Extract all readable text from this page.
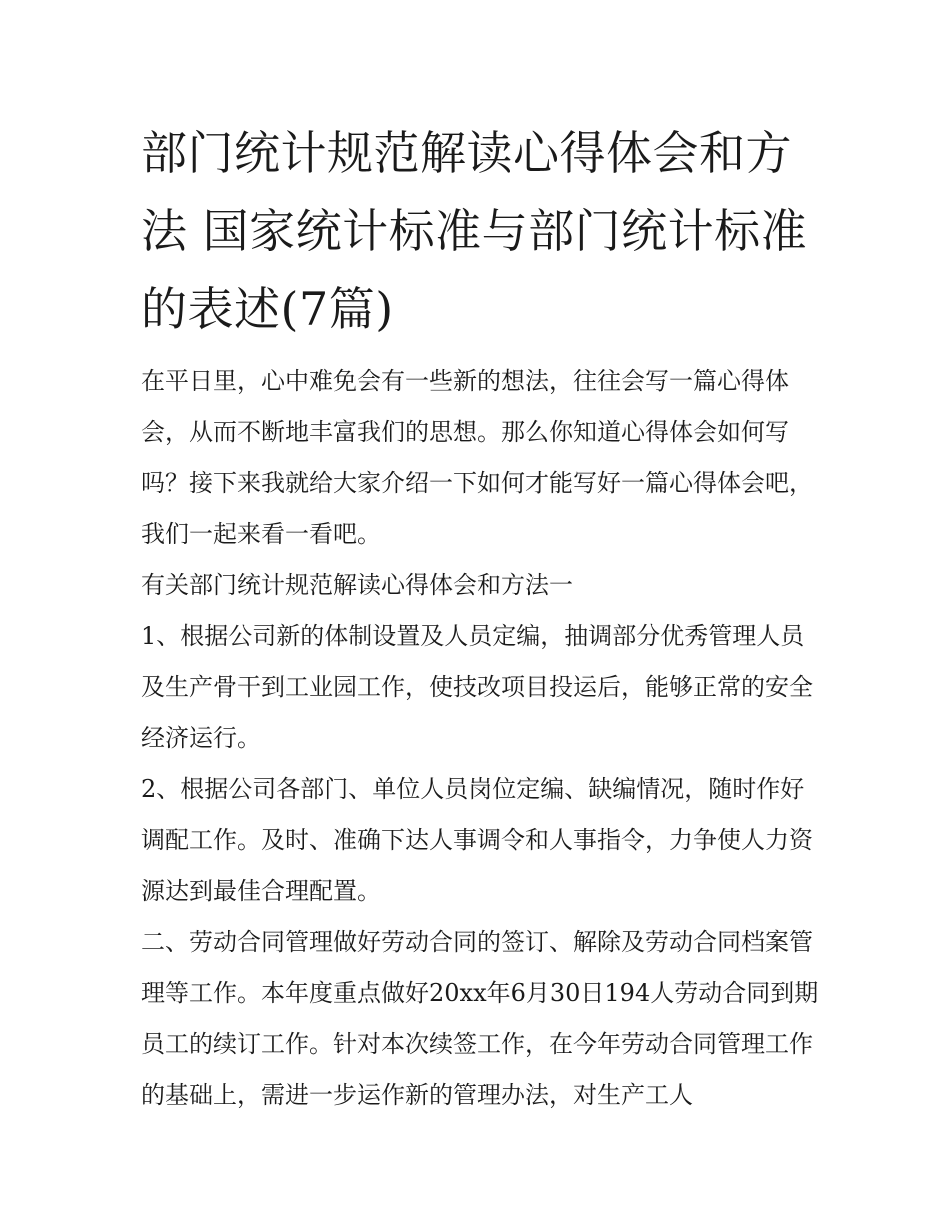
部门统计规范解读心得体会和方法 国家统计标准与部门统计标准的表述(7篇)

在平日里，心中难免会有一些新的想法，往往会写一篇心得体会，从而不断地丰富我们的思想。那么你知道心得体会如何写吗？接下来我就给大家介绍一下如何才能写好一篇心得体会吧，我们一起来看一看吧。

有关部门统计规范解读心得体会和方法一

1、根据公司新的体制设置及人员定编，抽调部分优秀管理人员及生产骨干到工业园工作，使技改项目投运后，能够正常的安全经济运行。

2、根据公司各部门、单位人员岗位定编、缺编情况，随时作好调配工作。及时、准确下达人事调令和人事指令，力争使人力资源达到最佳合理配置。

二、劳动合同管理做好劳动合同的签订、解除及劳动合同档案管理等工作。本年度重点做好20xx年6月30日194人劳动合同到期员工的续订工作。针对本次续签工作，在今年劳动合同管理工作的基础上，需进一步运作新的管理办法，对生产工人
